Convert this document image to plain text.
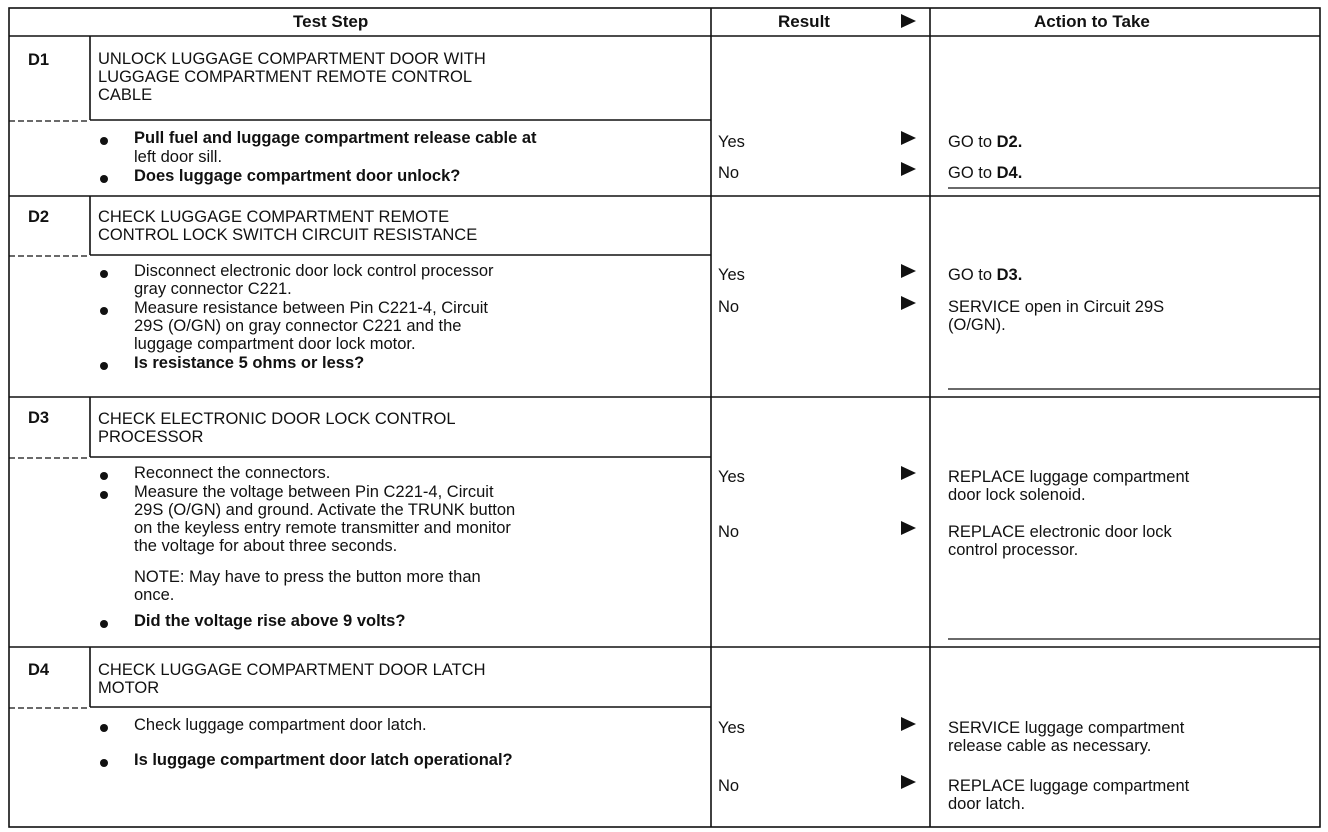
Test Step	Result	Action to Take
D1	UNLOCK LUGGAGE COMPARTMENT DOOR WITH
LUGGAGE COMPARTMENT REMOTE CONTROL
CABLE
Pull fuel and luggage compartment release cable at
left door sill.
Does luggage compartment door unlock?
Yes	GO to D2.
No	GO to D4.
D2	CHECK LUGGAGE COMPARTMENT REMOTE
CONTROL LOCK SWITCH CIRCUIT RESISTANCE
Disconnect electronic door lock control processor
gray connector C221.
Measure resistance between Pin C221-4, Circuit
29S (O/GN) on gray connector C221 and the
luggage compartment door lock motor.
Is resistance 5 ohms or less?
Yes	GO to D3.
No	SERVICE open in Circuit 29S
(O/GN).
D3	CHECK ELECTRONIC DOOR LOCK CONTROL
PROCESSOR
Reconnect the connectors.
Measure the voltage between Pin C221-4, Circuit
29S (O/GN) and ground. Activate the TRUNK button
on the keyless entry remote transmitter and monitor
the voltage for about three seconds.
NOTE: May have to press the button more than
once.
Did the voltage rise above 9 volts?
Yes	REPLACE luggage compartment
door lock solenoid.
No	REPLACE electronic door lock
control processor.
D4	CHECK LUGGAGE COMPARTMENT DOOR LATCH
MOTOR
Check luggage compartment door latch.
Is luggage compartment door latch operational?
Yes	SERVICE luggage compartment
release cable as necessary.
No	REPLACE luggage compartment
door latch.
